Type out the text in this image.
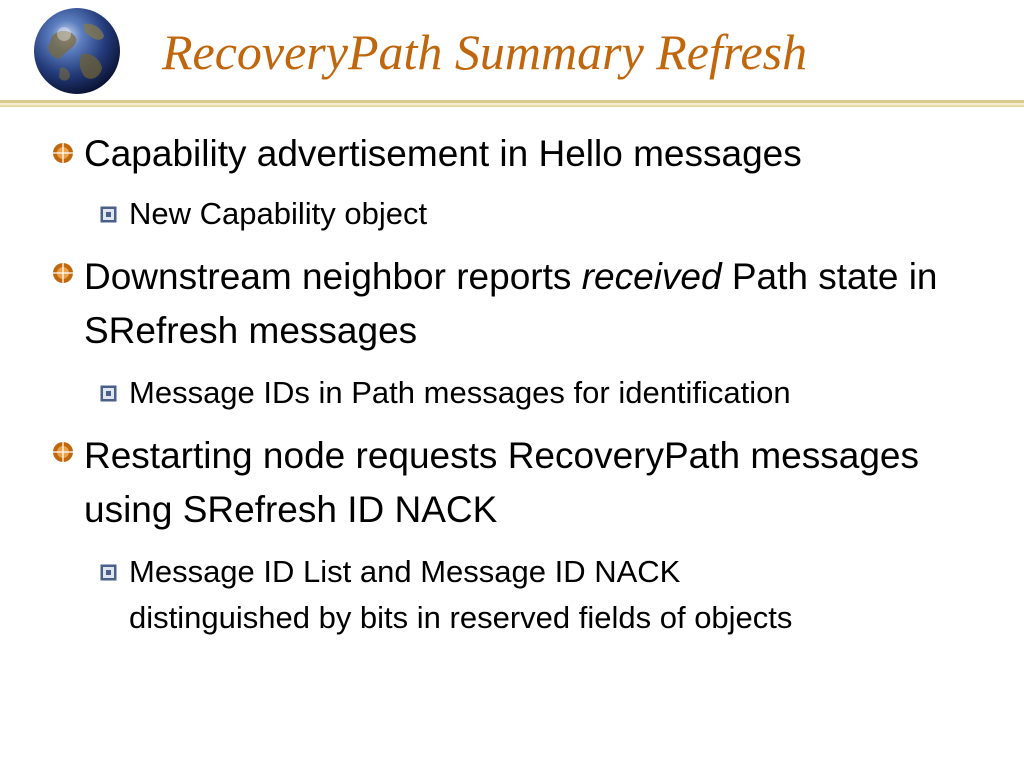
RecoveryPath Summary Refresh
Capability advertisement in Hello messages
New Capability object
Downstream neighbor reports received Path state in SRefresh messages
Message IDs in Path messages for identification
Restarting node requests RecoveryPath messages using SRefresh ID NACK
Message ID List and Message ID NACK distinguished by bits in reserved fields of objects
